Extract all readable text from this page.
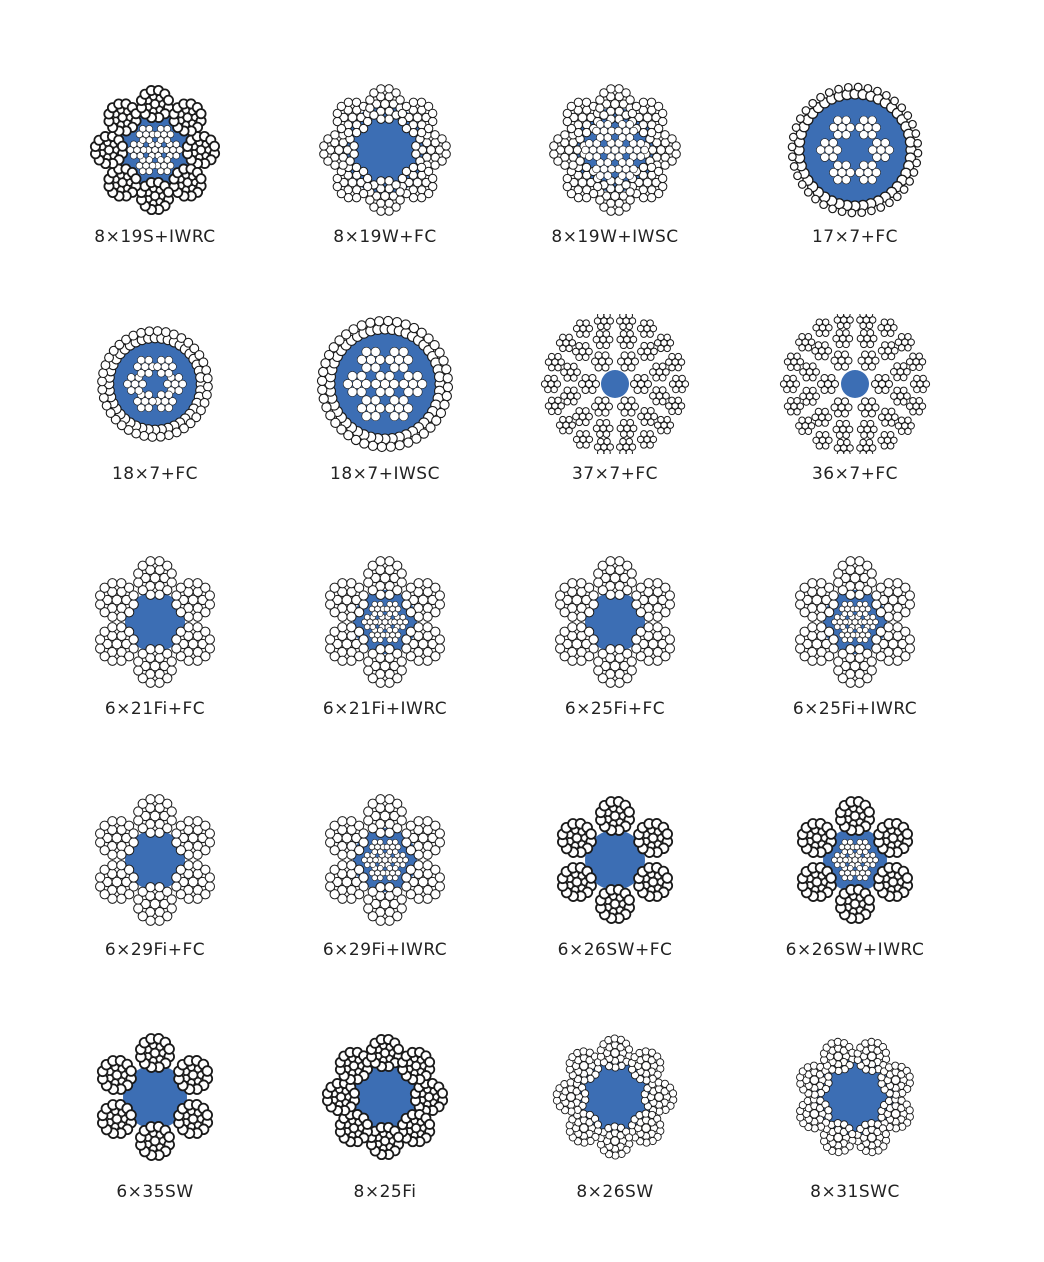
8×19S+IWRC	8×19W+FC	8×19W+IWSC	17×7+FC
18×7+FC	18×7+IWSC	37×7+FC	36×7+FC
6×21Fi+FC	6×21Fi+IWRC	6×25Fi+FC	6×25Fi+IWRC
6×29Fi+FC	6×29Fi+IWRC	6×26SW+FC	6×26SW+IWRC
6×35SW	8×25Fi	8×26SW	8×31SWC
